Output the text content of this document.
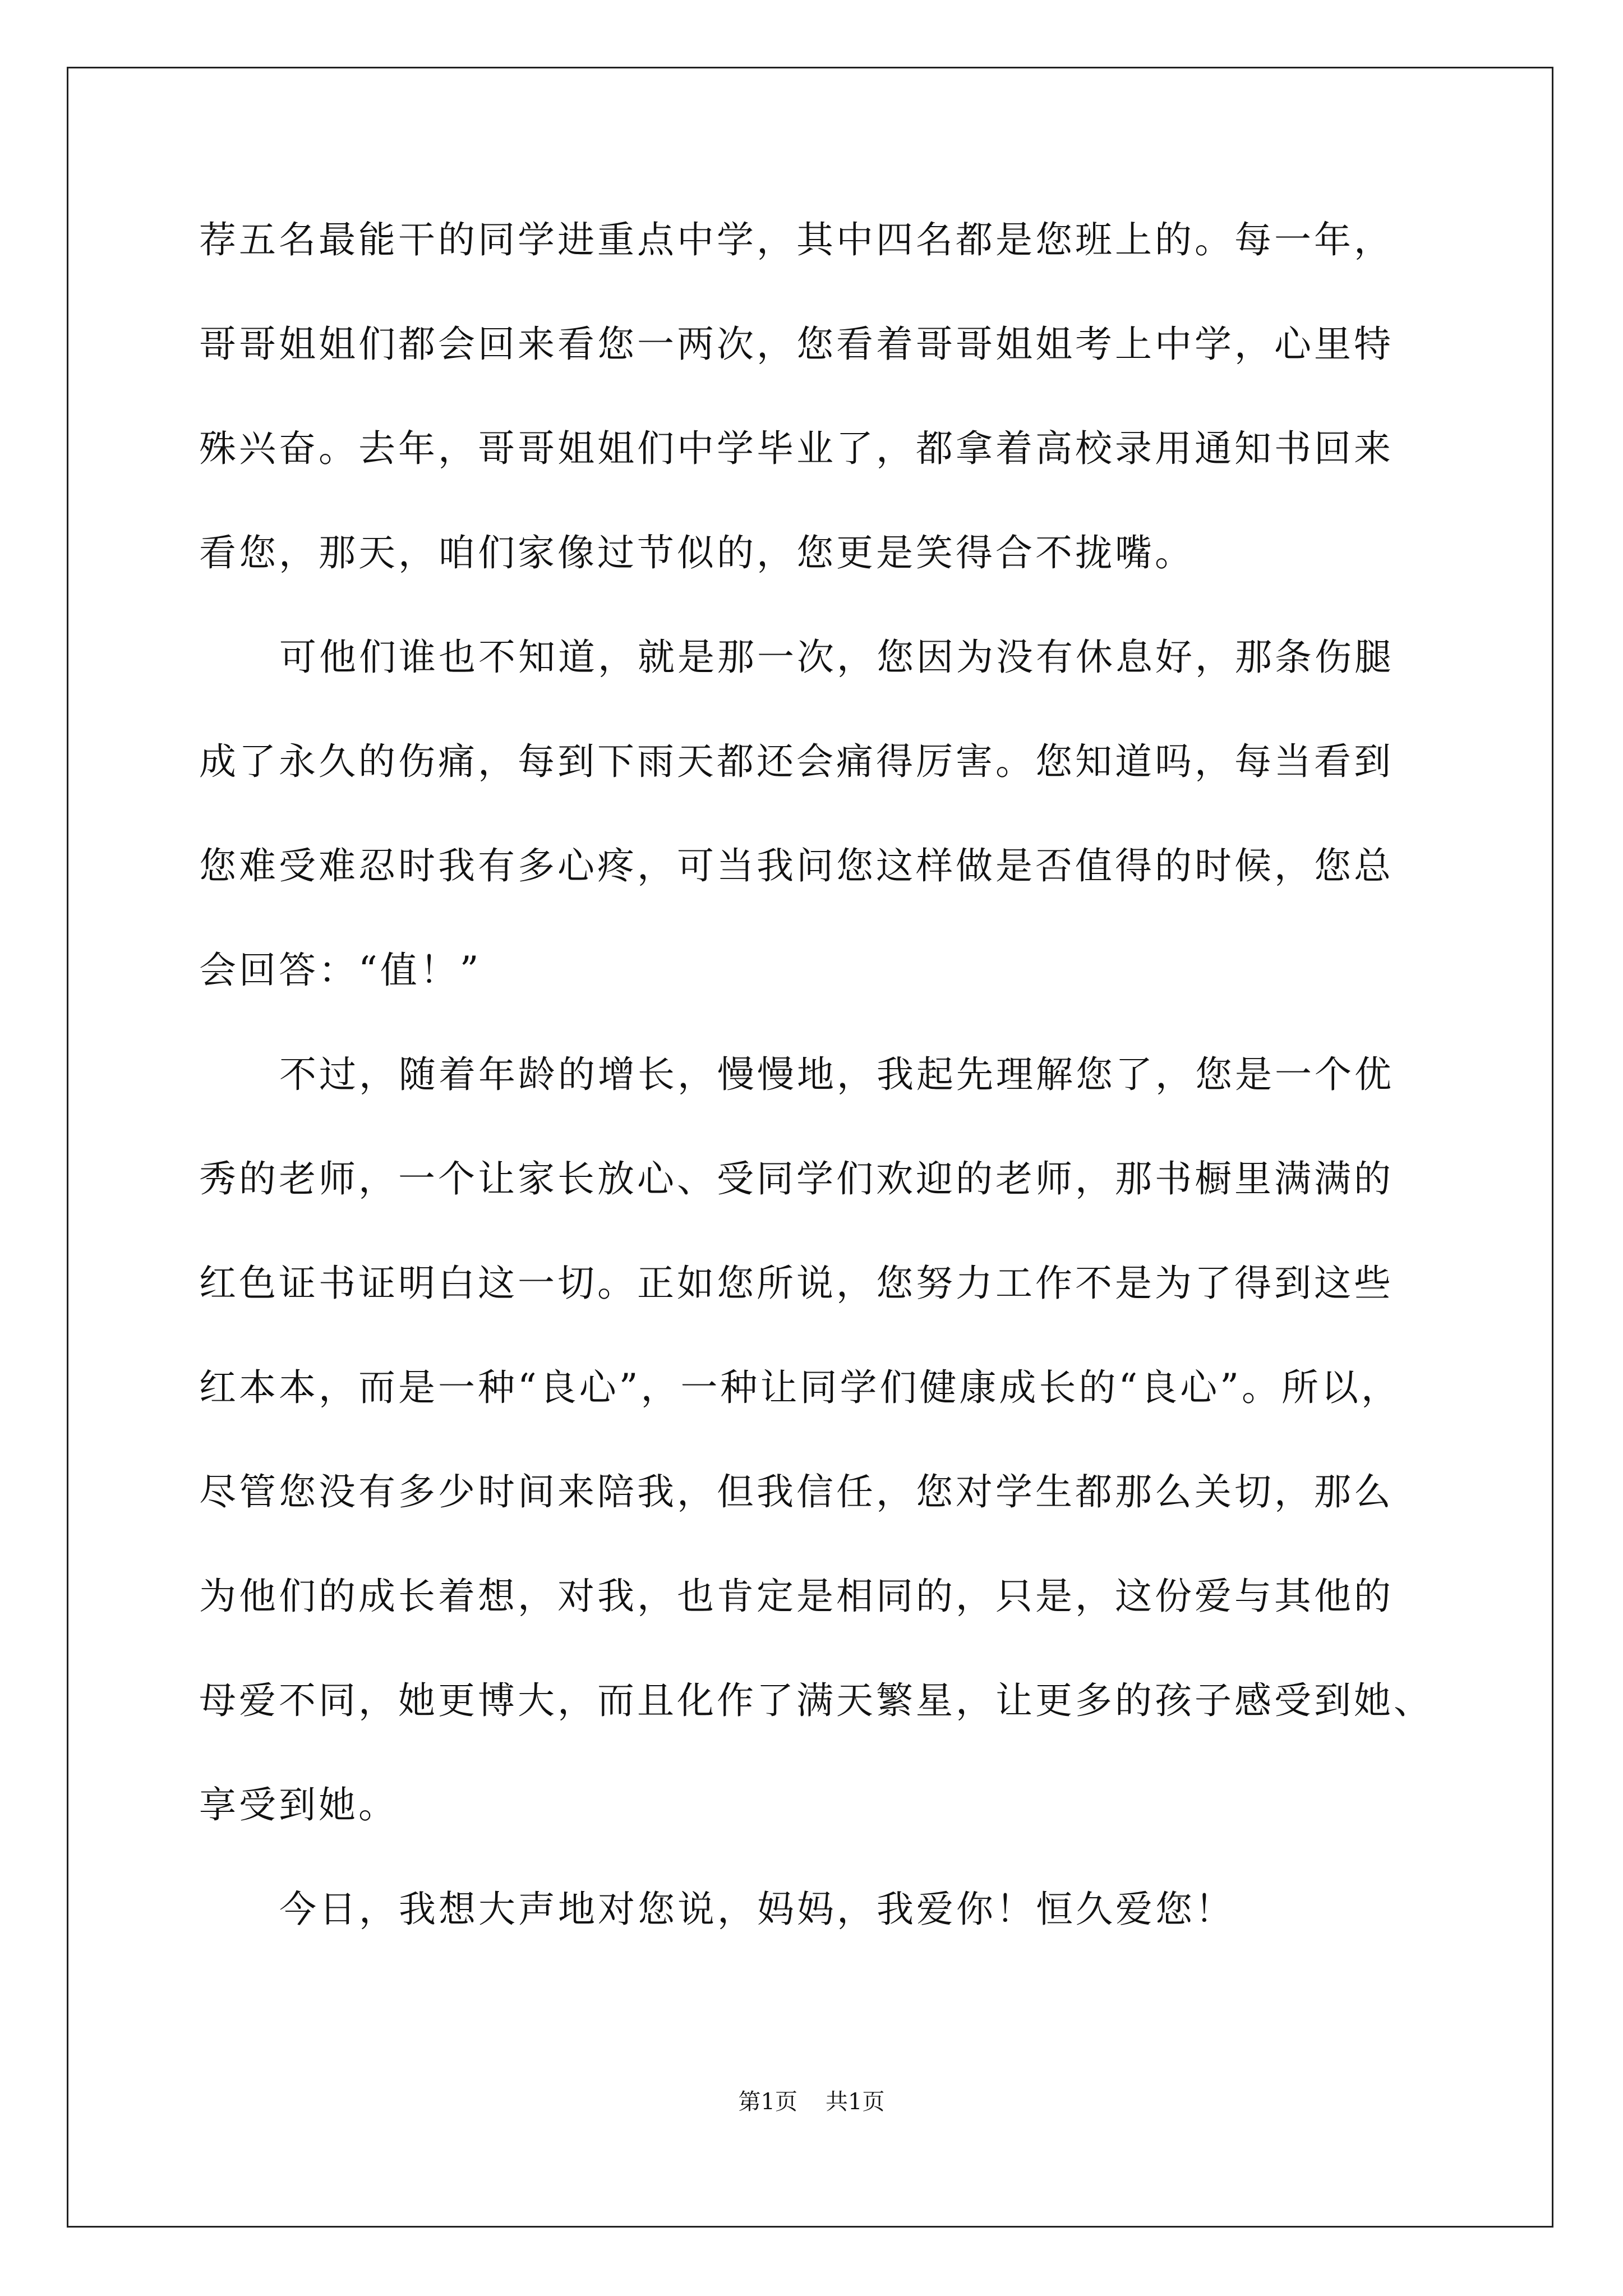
荐五名最能干的同学进重点中学，其中四名都是您班上的。每一年，
哥哥姐姐们都会回来看您一两次，您看着哥哥姐姐考上中学，心里特
殊兴奋。去年，哥哥姐姐们中学毕业了，都拿着高校录用通知书回来
看您，那天，咱们家像过节似的，您更是笑得合不拢嘴。
可他们谁也不知道，就是那一次，您因为没有休息好，那条伤腿
成了永久的伤痛，每到下雨天都还会痛得厉害。您知道吗，每当看到
您难受难忍时我有多心疼，可当我问您这样做是否值得的时候，您总
会回答：“值！”
不过，随着年龄的增长，慢慢地，我起先理解您了，您是一个优
秀的老师，一个让家长放心、受同学们欢迎的老师，那书橱里满满的
红色证书证明白这一切。正如您所说，您努力工作不是为了得到这些
红本本，而是一种“良心”，一种让同学们健康成长的“良心”。所以，
尽管您没有多少时间来陪我，但我信任，您对学生都那么关切，那么
为他们的成长着想，对我，也肯定是相同的，只是，这份爱与其他的
母爱不同，她更博大，而且化作了满天繁星，让更多的孩子感受到她、
享受到她。
今日，我想大声地对您说，妈妈，我爱你！恒久爱您！
第1页 共1页
